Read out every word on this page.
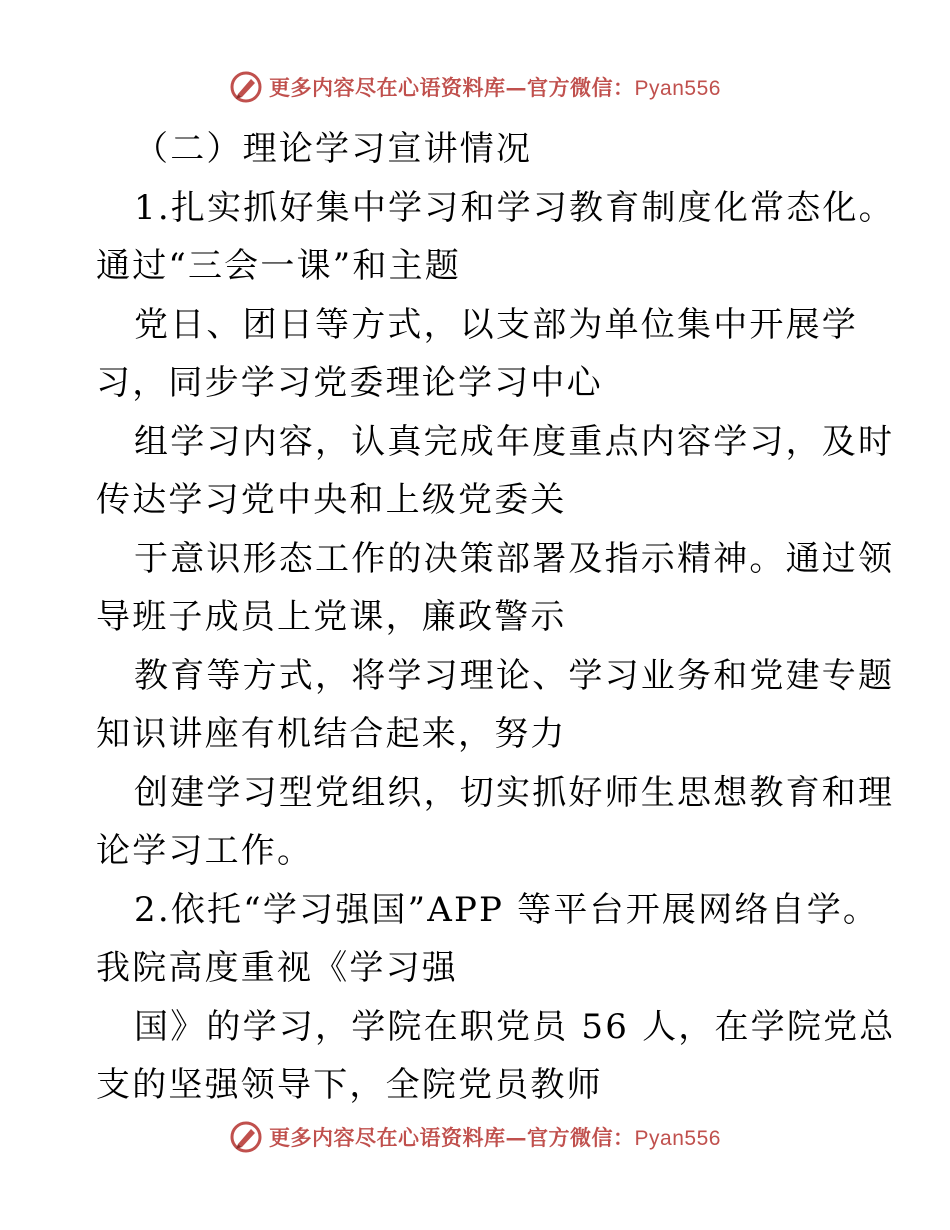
更多内容尽在心语资料库—官方微信：Pyan556
（二）理论学习宣讲情况
1.扎实抓好集中学习和学习教育制度化常态化。
通过“三会一课”和主题
党日、团日等方式，以支部为单位集中开展学
习，同步学习党委理论学习中心
组学习内容，认真完成年度重点内容学习，及时
传达学习党中央和上级党委关
于意识形态工作的决策部署及指示精神。通过领
导班子成员上党课，廉政警示
教育等方式，将学习理论、学习业务和党建专题
知识讲座有机结合起来，努力
创建学习型党组织，切实抓好师生思想教育和理
论学习工作。
2.依托“学习强国”APP 等平台开展网络自学。
我院高度重视《学习强
国》的学习，学院在职党员 56 人，在学院党总
支的坚强领导下，全院党员教师
更多内容尽在心语资料库—官方微信：Pyan556
